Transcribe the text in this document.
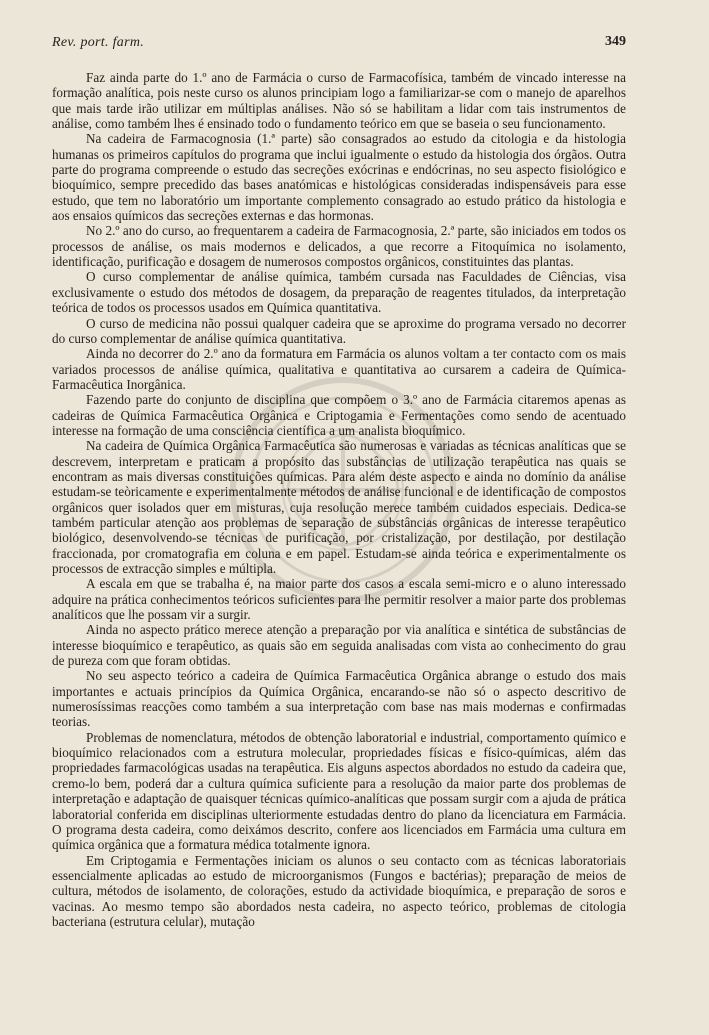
Rev. port. farm.	349

Faz ainda parte do 1.º ano de Farmácia o curso de Farmacofísica, também de vincado interesse na formação analítica, pois neste curso os alunos principiam logo a familiarizar-se com o manejo de aparelhos que mais tarde irão utilizar em múltiplas análises. Não só se habilitam a lidar com tais instrumentos de análise, como também lhes é ensinado todo o fundamento teórico em que se baseia o seu funcionamento.

Na cadeira de Farmacognosia (1.ª parte) são consagrados ao estudo da citologia e da histologia humanas os primeiros capítulos do programa que inclui igualmente o estudo da histologia dos órgãos. Outra parte do programa compreende o estudo das secreções exócrinas e endócrinas, no seu aspecto fisiológico e bioquímico, sempre precedido das bases anatómicas e histológicas consideradas indispensáveis para esse estudo, que tem no laboratório um importante complemento consagrado ao estudo prático da histologia e aos ensaios químicos das secreções externas e das hormonas.

No 2.º ano do curso, ao frequentarem a cadeira de Farmacognosia, 2.ª parte, são iniciados em todos os processos de análise, os mais modernos e delicados, a que recorre a Fitoquímica no isolamento, identificação, purificação e dosagem de numerosos compostos orgânicos, constituintes das plantas.

O curso complementar de análise química, também cursada nas Faculdades de Ciências, visa exclusivamente o estudo dos métodos de dosagem, da preparação de reagentes titulados, da interpretação teórica de todos os processos usados em Química quantitativa.

O curso de medicina não possui qualquer cadeira que se aproxime do programa versado no decorrer do curso complementar de análise química quantitativa.

Ainda no decorrer do 2.º ano da formatura em Farmácia os alunos voltam a ter contacto com os mais variados processos de análise química, qualitativa e quantitativa ao cursarem a cadeira de Química-Farmacêutica Inorgânica.

Fazendo parte do conjunto de disciplina que compõem o 3.º ano de Farmácia citaremos apenas as cadeiras de Química Farmacêutica Orgânica e Criptogamia e Fermentações como sendo de acentuado interesse na formação de uma consciência científica a um analista bioquímico.

Na cadeira de Química Orgânica Farmacêutica são numerosas e variadas as técnicas analíticas que se descrevem, interpretam e praticam a propósito das substâncias de utilização terapêutica nas quais se encontram as mais diversas constituições químicas. Para além deste aspecto e ainda no domínio da análise estudam-se teòricamente e experimentalmente métodos de análise funcional e de identificação de compostos orgânicos quer isolados quer em misturas, cuja resolução merece também cuidados especiais. Dedica-se também particular atenção aos problemas de separação de substâncias orgânicas de interesse terapêutico biológico, desenvolvendo-se técnicas de purificação, por cristalização, por destilação, por destilação fraccionada, por cromatografia em coluna e em papel. Estudam-se ainda teórica e experimentalmente os processos de extracção simples e múltipla.

A escala em que se trabalha é, na maior parte dos casos a escala semi-micro e o aluno interessado adquire na prática conhecimentos teóricos suficientes para lhe permitir resolver a maior parte dos problemas analíticos que lhe possam vir a surgir.

Ainda no aspecto prático merece atenção a preparação por via analítica e sintética de substâncias de interesse bioquímico e terapêutico, as quais são em seguida analisadas com vista ao conhecimento do grau de pureza com que foram obtidas.

No seu aspecto teórico a cadeira de Química Farmacêutica Orgânica abrange o estudo dos mais importantes e actuais princípios da Química Orgânica, encarando-se não só o aspecto descritivo de numerosíssimas reacções como também a sua interpretação com base nas mais modernas e confirmadas teorias.

Problemas de nomenclatura, métodos de obtenção laboratorial e industrial, comportamento químico e bioquímico relacionados com a estrutura molecular, propriedades físicas e físico-químicas, além das propriedades farmacológicas usadas na terapêutica. Eis alguns aspectos abordados no estudo da cadeira que, cremo-lo bem, poderá dar a cultura química suficiente para a resolução da maior parte dos problemas de interpretação e adaptação de quaisquer técnicas químico-analíticas que possam surgir com a ajuda de prática laboratorial conferida em disciplinas ulteriormente estudadas dentro do plano da licenciatura em Farmácia. O programa desta cadeira, como deixámos descrito, confere aos licenciados em Farmácia uma cultura em química orgânica que a formatura médica totalmente ignora.

Em Criptogamia e Fermentações iniciam os alunos o seu contacto com as técnicas laboratoriais essencialmente aplicadas ao estudo de microorganismos (Fungos e bactérias); preparação de meios de cultura, métodos de isolamento, de colorações, estudo da actividade bioquímica, e preparação de soros e vacinas. Ao mesmo tempo são abordados nesta cadeira, no aspecto teórico, problemas de citologia bacteriana (estrutura celular), mutação
